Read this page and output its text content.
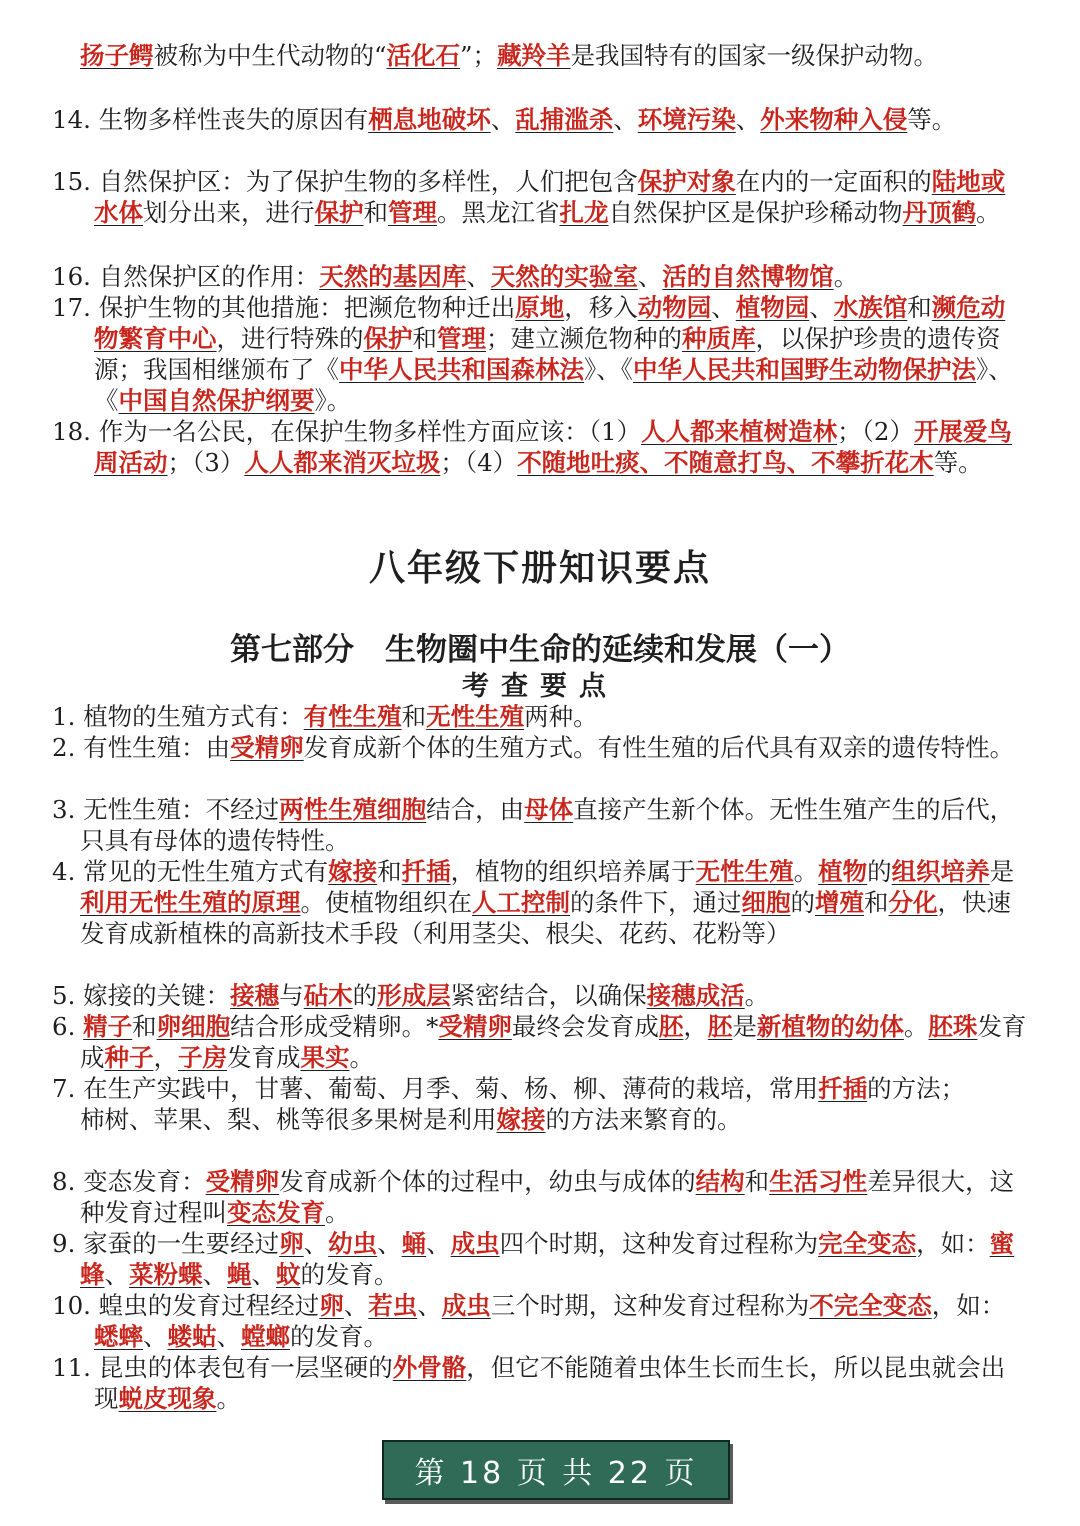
扬子鳄被称为中生代动物的“活化石”；藏羚羊是我国特有的国家一级保护动物。

14. 生物多样性丧失的原因有栖息地破坏、乱捕滥杀、环境污染、外来物种入侵等。

15. 自然保护区：为了保护生物的多样性，人们把包含保护对象在内的一定面积的陆地或水体划分出来，进行保护和管理。黑龙江省扎龙自然保护区是保护珍稀动物丹顶鹤。

16. 自然保护区的作用：天然的基因库、天然的实验室、活的自然博物馆。

17. 保护生物的其他措施：把濒危物种迁出原地，移入动物园、植物园、水族馆和濒危动物繁育中心，进行特殊的保护和管理；建立濒危物种的种质库，以保护珍贵的遗传资源；我国相继颁布了《中华人民共和国森林法》、《中华人民共和国野生动物保护法》、《中国自然保护纲要》。

18. 作为一名公民，在保护生物多样性方面应该：（1）人人都来植树造林；（2）开展爱鸟周活动；（3）人人都来消灭垃圾；（4）不随地吐痰、不随意打鸟、不攀折花木等。

八年级下册知识要点
第七部分　生物圈中生命的延续和发展（一）
考查要点

1. 植物的生殖方式有：有性生殖和无性生殖两种。

2. 有性生殖：由受精卵发育成新个体的生殖方式。有性生殖的后代具有双亲的遗传特性。

3. 无性生殖：不经过两性生殖细胞结合，由母体直接产生新个体。无性生殖产生的后代，只具有母体的遗传特性。

4. 常见的无性生殖方式有嫁接和扦插，植物的组织培养属于无性生殖。植物的组织培养是利用无性生殖的原理。使植物组织在人工控制的条件下，通过细胞的增殖和分化，快速发育成新植株的高新技术手段（利用茎尖、根尖、花药、花粉等）

5. 嫁接的关键：接穗与砧木的形成层紧密结合，以确保接穗成活。

6. 精子和卵细胞结合形成受精卵。*受精卵最终会发育成胚，胚是新植物的幼体。胚珠发育成种子，子房发育成果实。

7. 在生产实践中，甘薯、葡萄、月季、菊、杨、柳、薄荷的栽培，常用扦插的方法；

柿树、苹果、梨、桃等很多果树是利用嫁接的方法来繁育的。

8. 变态发育：受精卵发育成新个体的过程中，幼虫与成体的结构和生活习性差异很大，这种发育过程叫变态发育。

9. 家蚕的一生要经过卵、幼虫、蛹、成虫四个时期，这种发育过程称为完全变态，如：蜜蜂、菜粉蝶、蝇、蚊的发育。

10. 蝗虫的发育过程经过卵、若虫、成虫三个时期，这种发育过程称为不完全变态，如：蟋蟀、蝼蛄、螳螂的发育。

11. 昆虫的体表包有一层坚硬的外骨骼，但它不能随着虫体生长而生长，所以昆虫就会出现蜕皮现象。

第 18 页 共 22 页
